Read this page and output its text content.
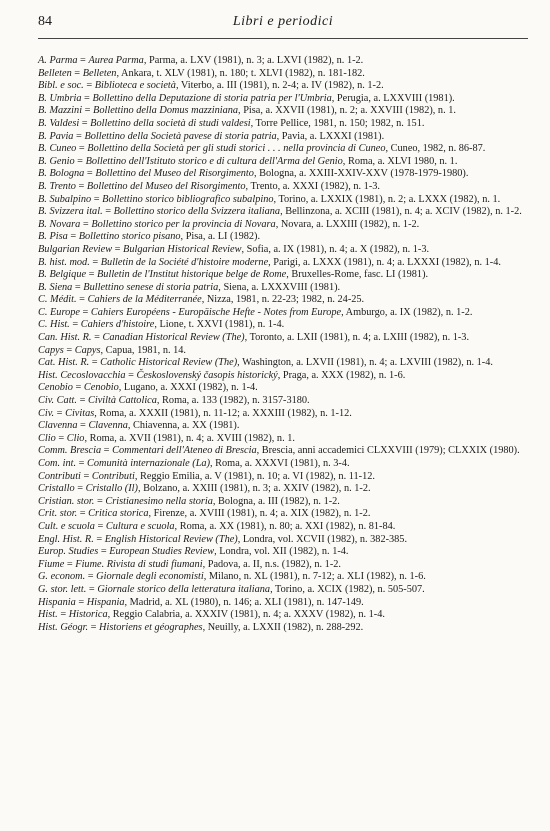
84	Libri e periodici
A. Parma = Aurea Parma, Parma, a. LXV (1981), n. 3; a. LXVI (1982), n. 1-2.
Belleten = Belleten, Ankara, t. XLV (1981), n. 180; t. XLVI (1982), n. 181-182.
Bibl. e soc. = Biblioteca e società, Viterbo, a. III (1981), n. 2-4; a. IV (1982), n. 1-2.
B. Umbria = Bollettino della Deputazione di storia patria per l'Umbria, Perugia, a. LXXVIII (1981).
B. Mazzini = Bollettino della Domus mazziniana, Pisa, a. XXVII (1981), n. 2; a. XXVIII (1982), n. 1.
B. Valdesi = Bollettino della società di studi valdesi, Torre Pellice, 1981, n. 150; 1982, n. 151.
B. Pavia = Bollettino della Società pavese di storia patria, Pavia, a. LXXXI (1981).
B. Cuneo = Bollettino della Società per gli studi storici . . . nella provincia di Cuneo, Cuneo, 1982, n. 86-87.
B. Genio = Bollettino dell'Istituto storico e di cultura dell'Arma del Genio, Roma, a. XLVI 1980, n. 1.
B. Bologna = Bollettino del Museo del Risorgimento, Bologna, a. XXIII-XXIV-XXV (1978-1979-1980).
B. Trento = Bollettino del Museo del Risorgimento, Trento, a. XXXI (1982), n. 1-3.
B. Subalpino = Bollettino storico bibliografico subalpino, Torino, a. LXXIX (1981), n. 2; a. LXXX (1982), n. 1.
B. Svizzera ital. = Bollettino storico della Svizzera italiana, Bellinzona, a. XCIII (1981), n. 4; a. XCIV (1982), n. 1-2.
B. Novara = Bollettino storico per la provincia di Novara, Novara, a. LXXIII (1982), n. 1-2.
B. Pisa = Bollettino storico pisano, Pisa, a. LI (1982).
Bulgarian Review = Bulgarian Historical Review, Sofia, a. IX (1981), n. 4; a. X (1982), n. 1-3.
B. hist. mod. = Bulletin de la Société d'histoire moderne, Parigi, a. LXXX (1981), n. 4; a. LXXXI (1982), n. 1-4.
B. Belgique = Bulletin de l'Institut historique belge de Rome, Bruxelles-Rome, fasc. LI (1981).
B. Siena = Bullettino senese di storia patria, Siena, a. LXXXVIII (1981).
C. Médit. = Cahiers de la Méditerranée, Nizza, 1981, n. 22-23; 1982, n. 24-25.
C. Europe = Cahiers Européens - Europäische Hefte - Notes from Europe, Amburgo, a. IX (1982), n. 1-2.
C. Hist. = Cahiers d'histoire, Lione, t. XXVI (1981), n. 1-4.
Can. Hist. R. = Canadian Historical Review (The), Toronto, a. LXII (1981), n. 4; a. LXIII (1982), n. 1-3.
Capys = Capys, Capua, 1981, n. 14.
Cat. Hist. R. = Catholic Historical Review (The), Washington, a. LXVII (1981), n. 4; a. LXVIII (1982), n. 1-4.
Hist. Cecoslovacchia = Československý časopis historický, Praga, a. XXX (1982), n. 1-6.
Cenobio = Cenobio, Lugano, a. XXXI (1982), n. 1-4.
Civ. Catt. = Civiltà Cattolica, Roma, a. 133 (1982), n. 3157-3180.
Civ. = Civitas, Roma, a. XXXII (1981), n. 11-12; a. XXXIII (1982), n. 1-12.
Clavenna = Clavenna, Chiavenna, a. XX (1981).
Clio = Clio, Roma, a. XVII (1981), n. 4; a. XVIII (1982), n. 1.
Comm. Brescia = Commentari dell'Ateneo di Brescia, Brescia, anni accademici CLXXVIII (1979); CLXXIX (1980).
Com. int. = Comunità internazionale (La), Roma, a. XXXVI (1981), n. 3-4.
Contributi = Contributi, Reggio Emilia, a. V (1981), n. 10; a. VI (1982), n. 11-12.
Cristallo = Cristallo (Il), Bolzano, a. XXIII (1981), n. 3; a. XXIV (1982), n. 1-2.
Cristian. stor. = Cristianesimo nella storia, Bologna, a. III (1982), n. 1-2.
Crit. stor. = Critica storica, Firenze, a. XVIII (1981), n. 4; a. XIX (1982), n. 1-2.
Cult. e scuola = Cultura e scuola, Roma, a. XX (1981), n. 80; a. XXI (1982), n. 81-84.
Engl. Hist. R. = English Historical Review (The), Londra, vol. XCVII (1982), n. 382-385.
Europ. Studies = European Studies Review, Londra, vol. XII (1982), n. 1-4.
Fiume = Fiume. Rivista di studi fiumani, Padova, a. II, n.s. (1982), n. 1-2.
G. econom. = Giornale degli economisti, Milano, n. XL (1981), n. 7-12; a. XLI (1982), n. 1-6.
G. stor. lett. = Giornale storico della letteratura italiana, Torino, a. XCIX (1982), n. 505-507.
Hispania = Hispania, Madrid, a. XL (1980), n. 146; a. XLI (1981), n. 147-149.
Hist. = Historica, Reggio Calabria, a. XXXIV (1981), n. 4; a. XXXV (1982), n. 1-4.
Hist. Géogr. = Historiens et géographes, Neuilly, a. LXXII (1982), n. 288-292.
